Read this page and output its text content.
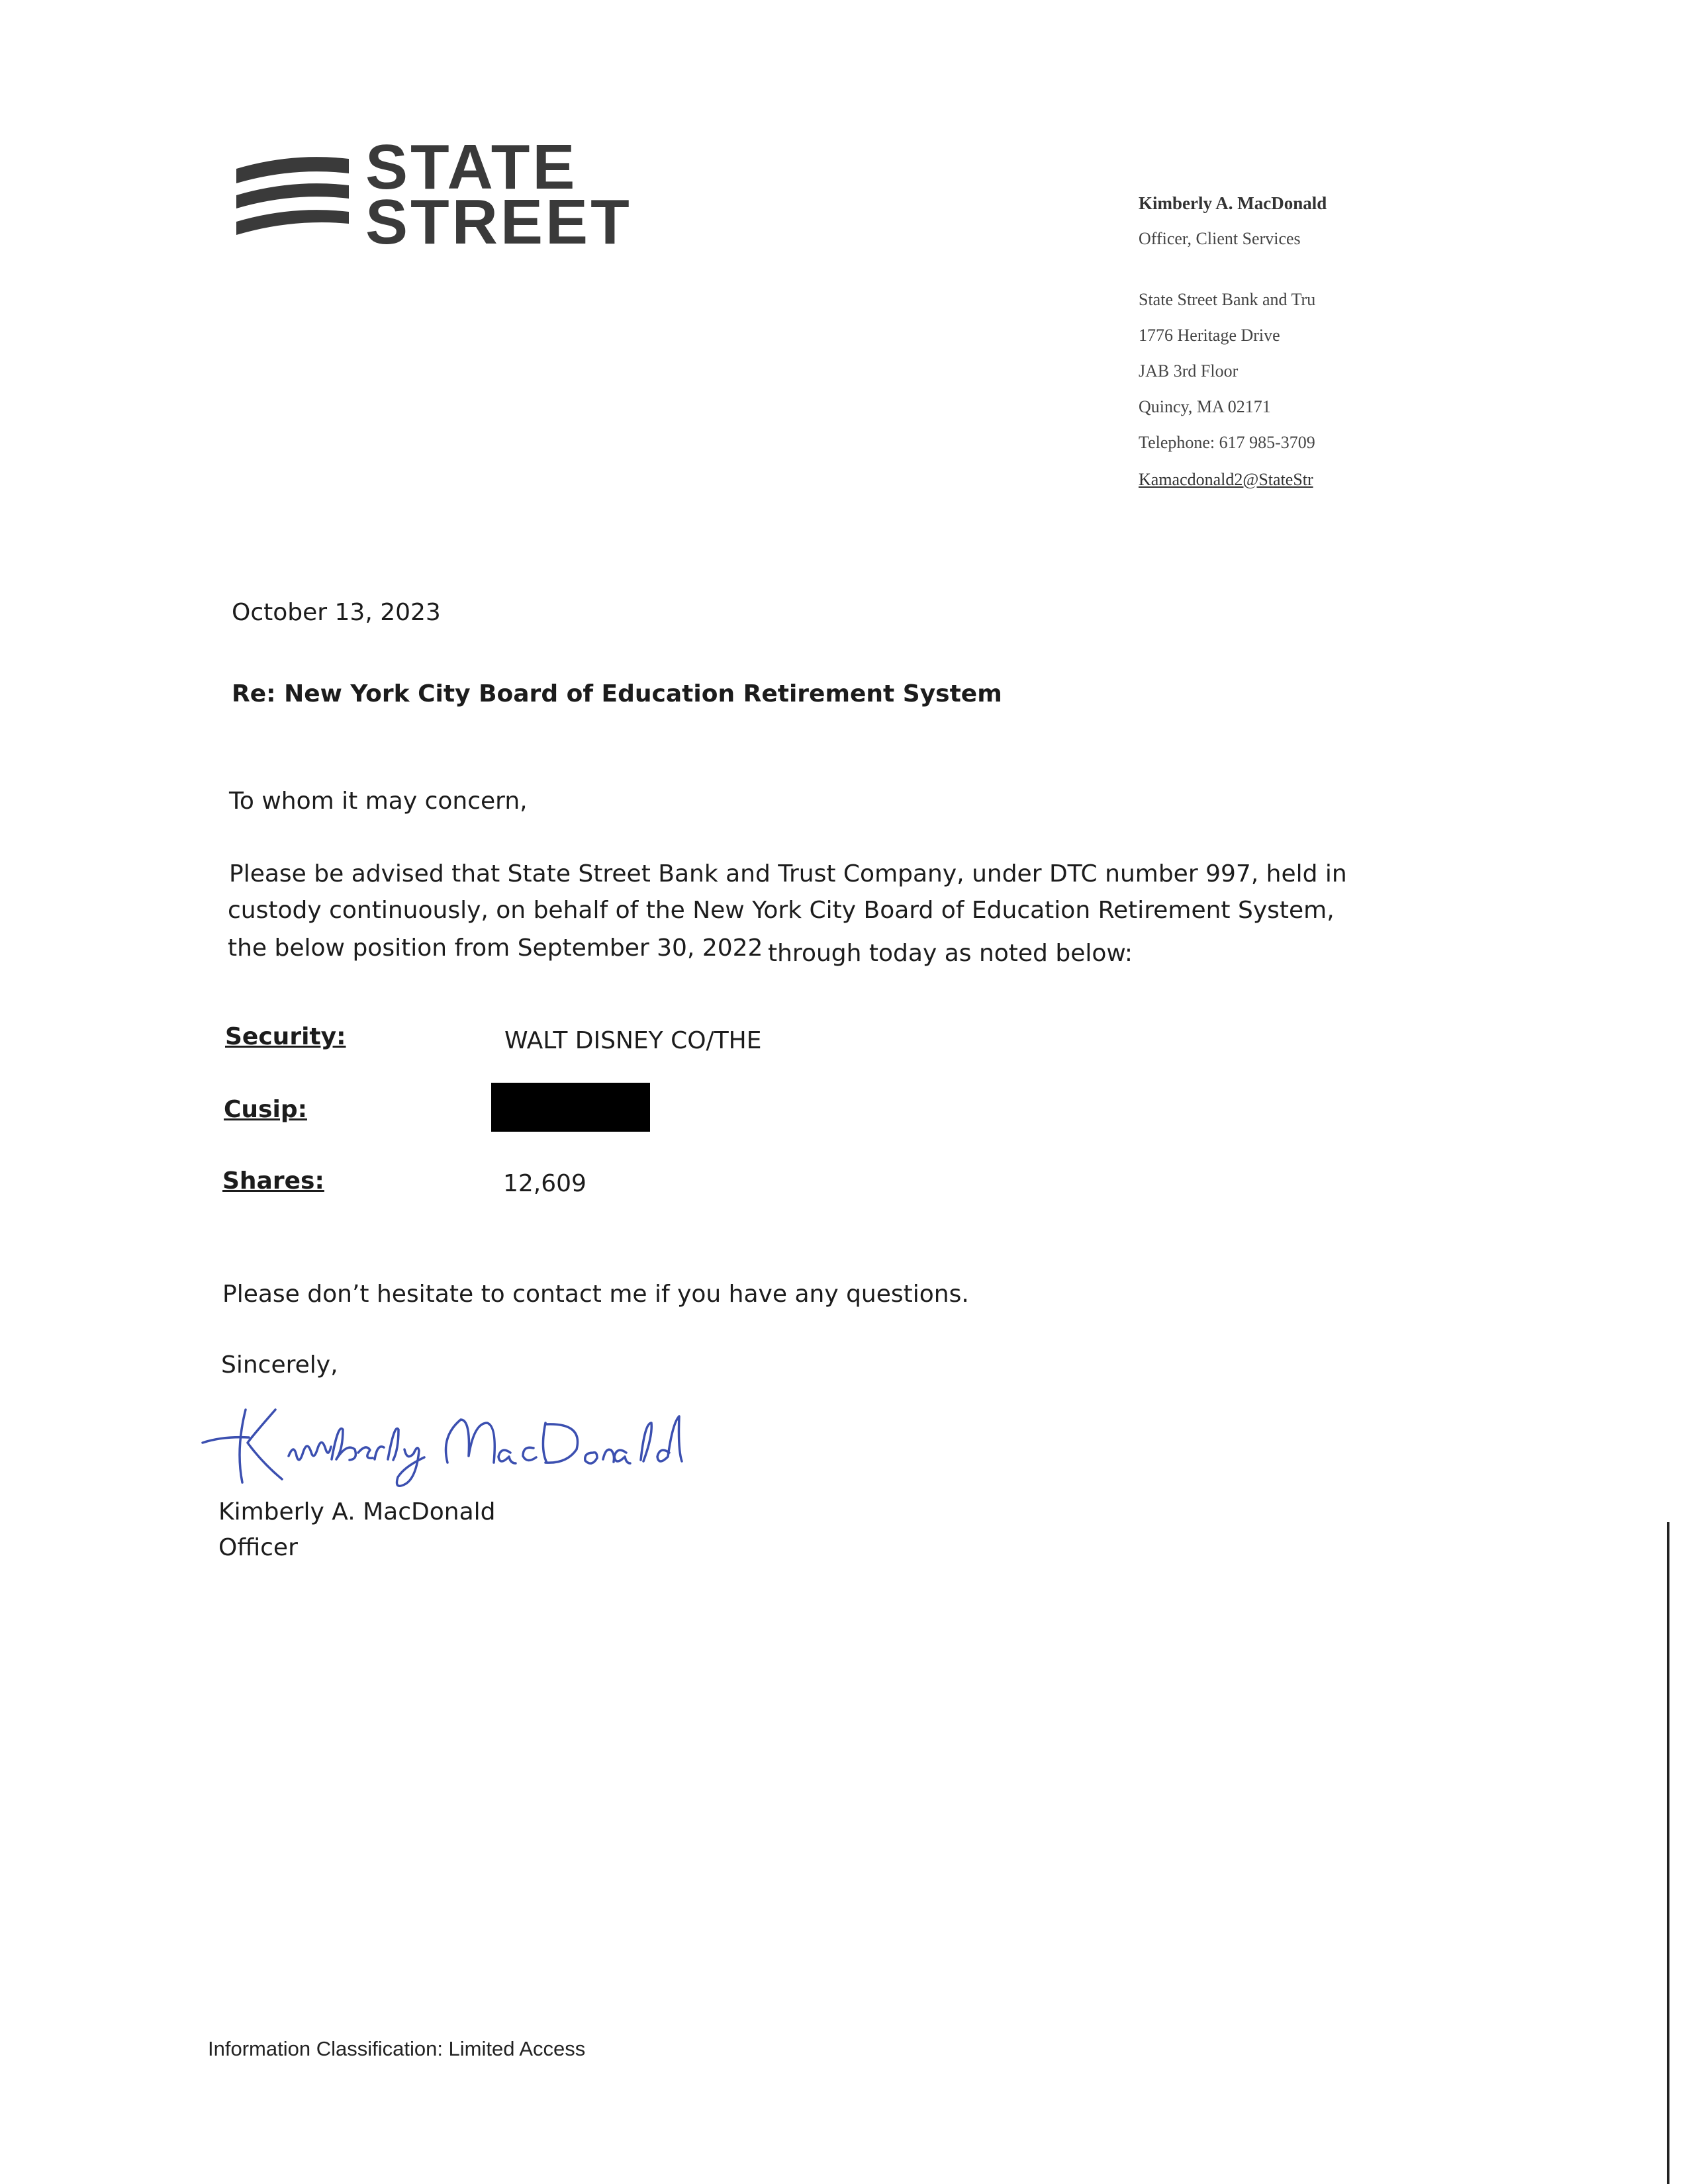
STATE
STREET	Kimberly A. MacDonald
Officer, Client Services
State Street Bank and Tru
1776 Heritage Drive
JAB 3rd Floor
Quincy, MA 02171
Telephone: 617 985-3709
Kamacdonald2@StateStr
October 13, 2023
Re: New York City Board of Education Retirement System
To whom it may concern,
Please be advised that State Street Bank and Trust Company, under DTC number 997, held in
custody continuously, on behalf of the New York City Board of Education Retirement System,
the below position from September 30, 2022 through today as noted below:
Security:	WALT DISNEY CO/THE
Cusip:
Shares:	12,609
Please don’t hesitate to contact me if you have any questions.
Sincerely,
Kimberly A. MacDonald
Officer
Information Classification: Limited Access
